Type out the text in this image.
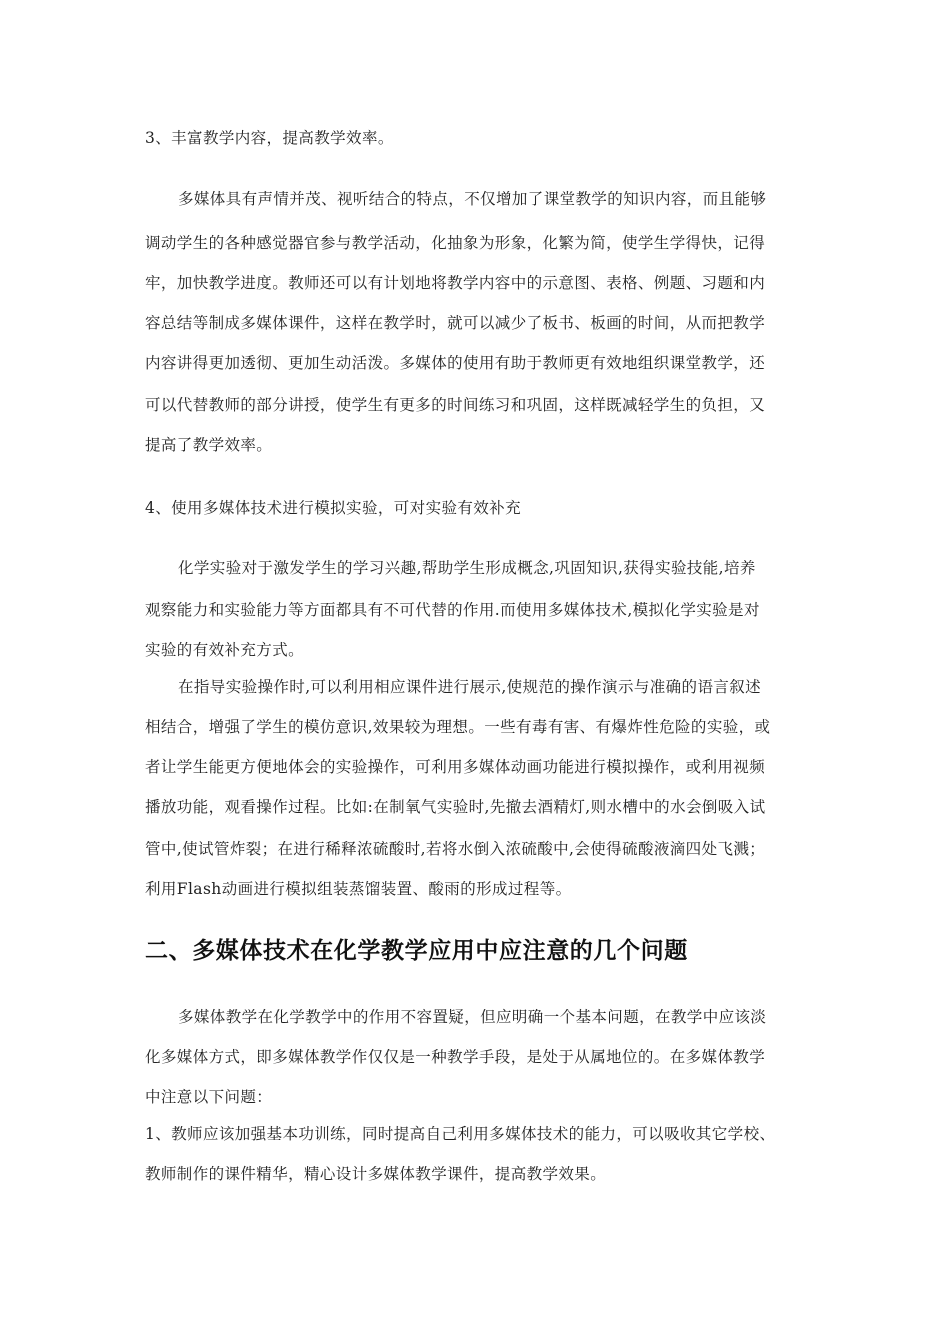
3、丰富教学内容，提高教学效率。
多媒体具有声情并茂、视听结合的特点，不仅增加了课堂教学的知识内容，而且能够
调动学生的各种感觉器官参与教学活动，化抽象为形象，化繁为简，使学生学得快，记得
牢，加快教学进度。教师还可以有计划地将教学内容中的示意图、表格、例题、习题和内
容总结等制成多媒体课件，这样在教学时，就可以减少了板书、板画的时间，从而把教学
内容讲得更加透彻、更加生动活泼。多媒体的使用有助于教师更有效地组织课堂教学，还
可以代替教师的部分讲授，使学生有更多的时间练习和巩固，这样既减轻学生的负担，又
提高了教学效率。
4、使用多媒体技术进行模拟实验，可对实验有效补充
化学实验对于激发学生的学习兴趣,帮助学生形成概念,巩固知识,获得实验技能,培养
观察能力和实验能力等方面都具有不可代替的作用.而使用多媒体技术,模拟化学实验是对
实验的有效补充方式。
在指导实验操作时,可以利用相应课件进行展示,使规范的操作演示与准确的语言叙述
相结合，增强了学生的模仿意识,效果较为理想。一些有毒有害、有爆炸性危险的实验，或
者让学生能更方便地体会的实验操作，可利用多媒体动画功能进行模拟操作，或利用视频
播放功能，观看操作过程。比如:在制氧气实验时,先撤去酒精灯,则水槽中的水会倒吸入试
管中,使试管炸裂；在进行稀释浓硫酸时,若将水倒入浓硫酸中,会使得硫酸液滴四处飞溅；
利用Flash动画进行模拟组装蒸馏装置、酸雨的形成过程等。
二、多媒体技术在化学教学应用中应注意的几个问题
多媒体教学在化学教学中的作用不容置疑，但应明确一个基本问题，在教学中应该淡
化多媒体方式，即多媒体教学作仅仅是一种教学手段，是处于从属地位的。在多媒体教学
中注意以下问题：
1、教师应该加强基本功训练，同时提高自己利用多媒体技术的能力，可以吸收其它学校、
教师制作的课件精华，精心设计多媒体教学课件，提高教学效果。
